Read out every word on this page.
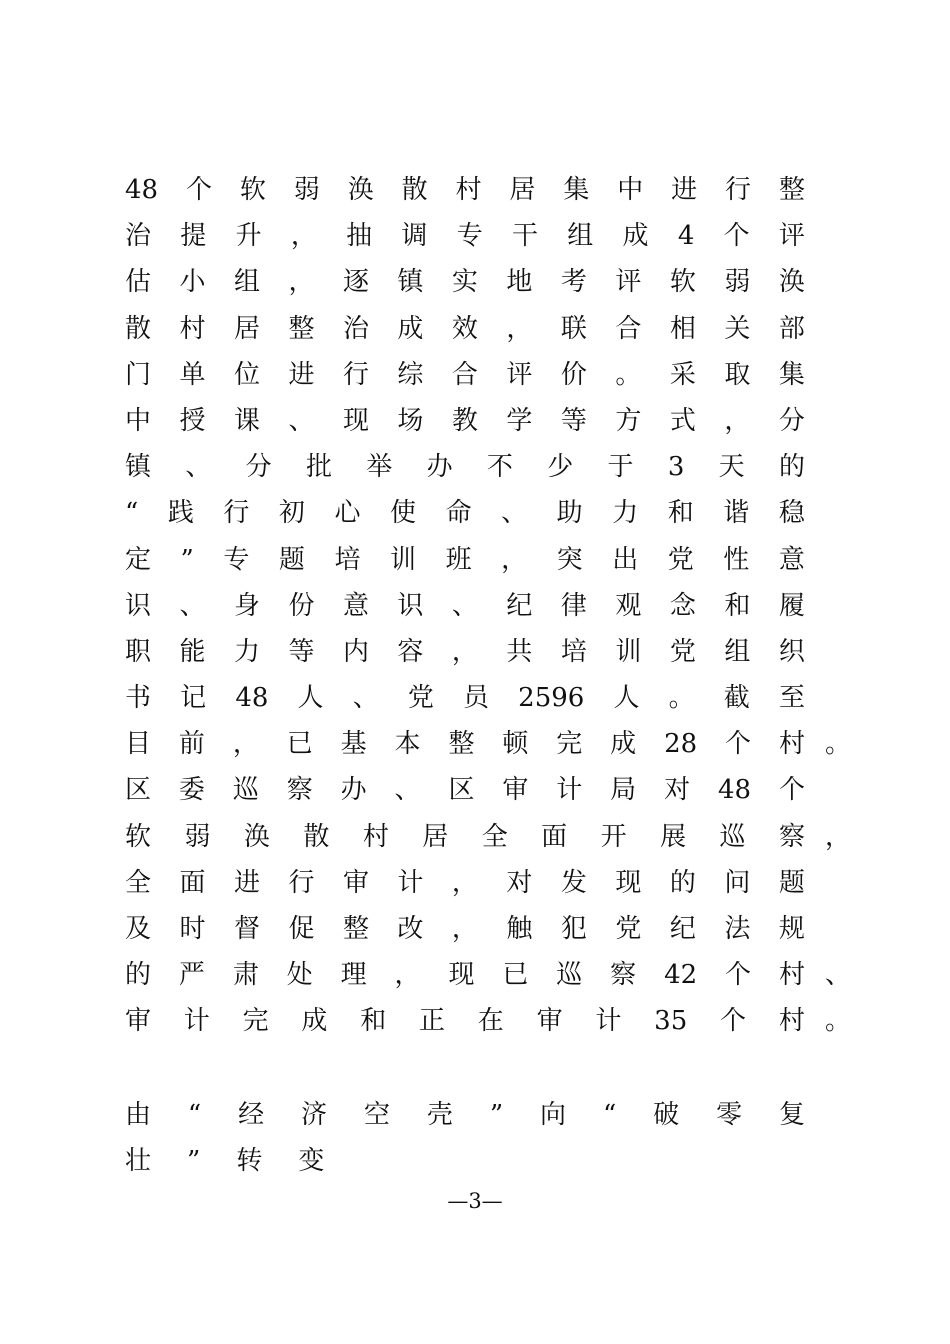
48 个 软 弱 涣 散 村 居 集 中 进 行 整
治 提 升 ， 抽 调 专 干 组 成 4 个 评
估 小 组 ， 逐 镇 实 地 考 评 软 弱 涣
散 村 居 整 治 成 效 ， 联 合 相 关 部
门 单 位 进 行 综 合 评 价 。 采 取 集
中 授 课 、 现 场 教 学 等 方 式 ， 分
镇 、 分 批 举 办 不 少 于 3 天 的
“ 践 行 初 心 使 命 、 助 力 和 谐 稳
定 ” 专 题 培 训 班 ， 突 出 党 性 意
识 、 身 份 意 识 、 纪 律 观 念 和 履
职 能 力 等 内 容 ， 共 培 训 党 组 织
书 记 48 人 、 党 员 2596 人 。 截 至
目 前 ， 已 基 本 整 顿 完 成 28 个 村 。
区 委 巡 察 办 、 区 审 计 局 对 48 个
软 弱 涣 散 村 居 全 面 开 展 巡 察 ，
全 面 进 行 审 计 ， 对 发 现 的 问 题
及 时 督 促 整 改 ， 触 犯 党 纪 法 规
的 严 肃 处 理 ， 现 已 巡 察 42 个 村 、
审 计 完 成 和 正 在 审 计 35 个 村 。
由 “ 经 济 空 壳 ” 向 “ 破 零 复
壮 ” 转 变
—3—
